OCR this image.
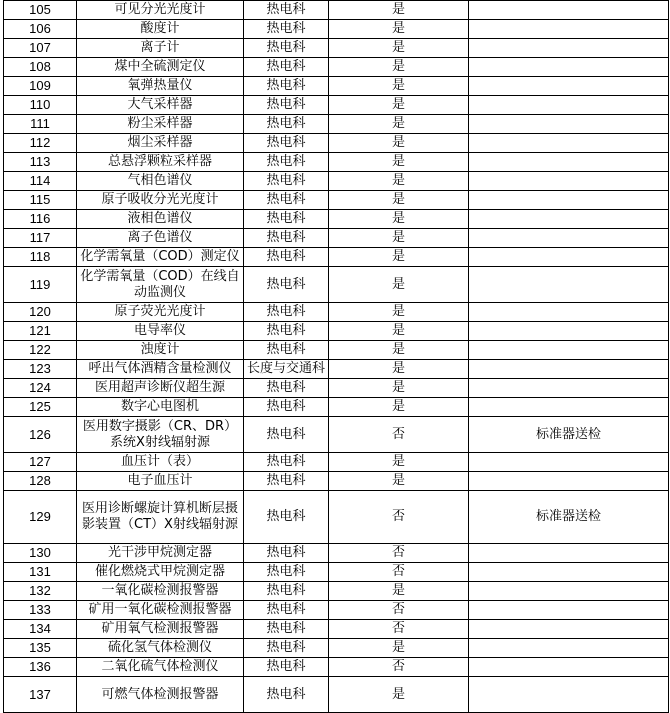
105	可见分光光度计	热电科	是	
106	酸度计	热电科	是	
107	离子计	热电科	是	
108	煤中全硫测定仪	热电科	是	
109	氧弹热量仪	热电科	是	
110	大气采样器	热电科	是	
111	粉尘采样器	热电科	是	
112	烟尘采样器	热电科	是	
113	总悬浮颗粒采样器	热电科	是	
114	气相色谱仪	热电科	是	
115	原子吸收分光光度计	热电科	是	
116	液相色谱仪	热电科	是	
117	离子色谱仪	热电科	是	
118	化学需氧量（COD）测定仪	热电科	是	
119	化学需氧量（COD）在线自动监测仪	热电科	是	
120	原子荧光光度计	热电科	是	
121	电导率仪	热电科	是	
122	浊度计	热电科	是	
123	呼出气体酒精含量检测仪	长度与交通科	是	
124	医用超声诊断仪超生源	热电科	是	
125	数字心电图机	热电科	是	
126	医用数字摄影（CR、DR）系统X射线辐射源	热电科	否	标准器送检
127	血压计（表）	热电科	是	
128	电子血压计	热电科	是	
129	医用诊断螺旋计算机断层摄影装置（CT）X射线辐射源	热电科	否	标准器送检
130	光干涉甲烷测定器	热电科	否	
131	催化燃烧式甲烷测定器	热电科	否	
132	一氧化碳检测报警器	热电科	是	
133	矿用一氧化碳检测报警器	热电科	否	
134	矿用氧气检测报警器	热电科	否	
135	硫化氢气体检测仪	热电科	是	
136	二氧化硫气体检测仪	热电科	否	
137	可燃气体检测报警器	热电科	是	
